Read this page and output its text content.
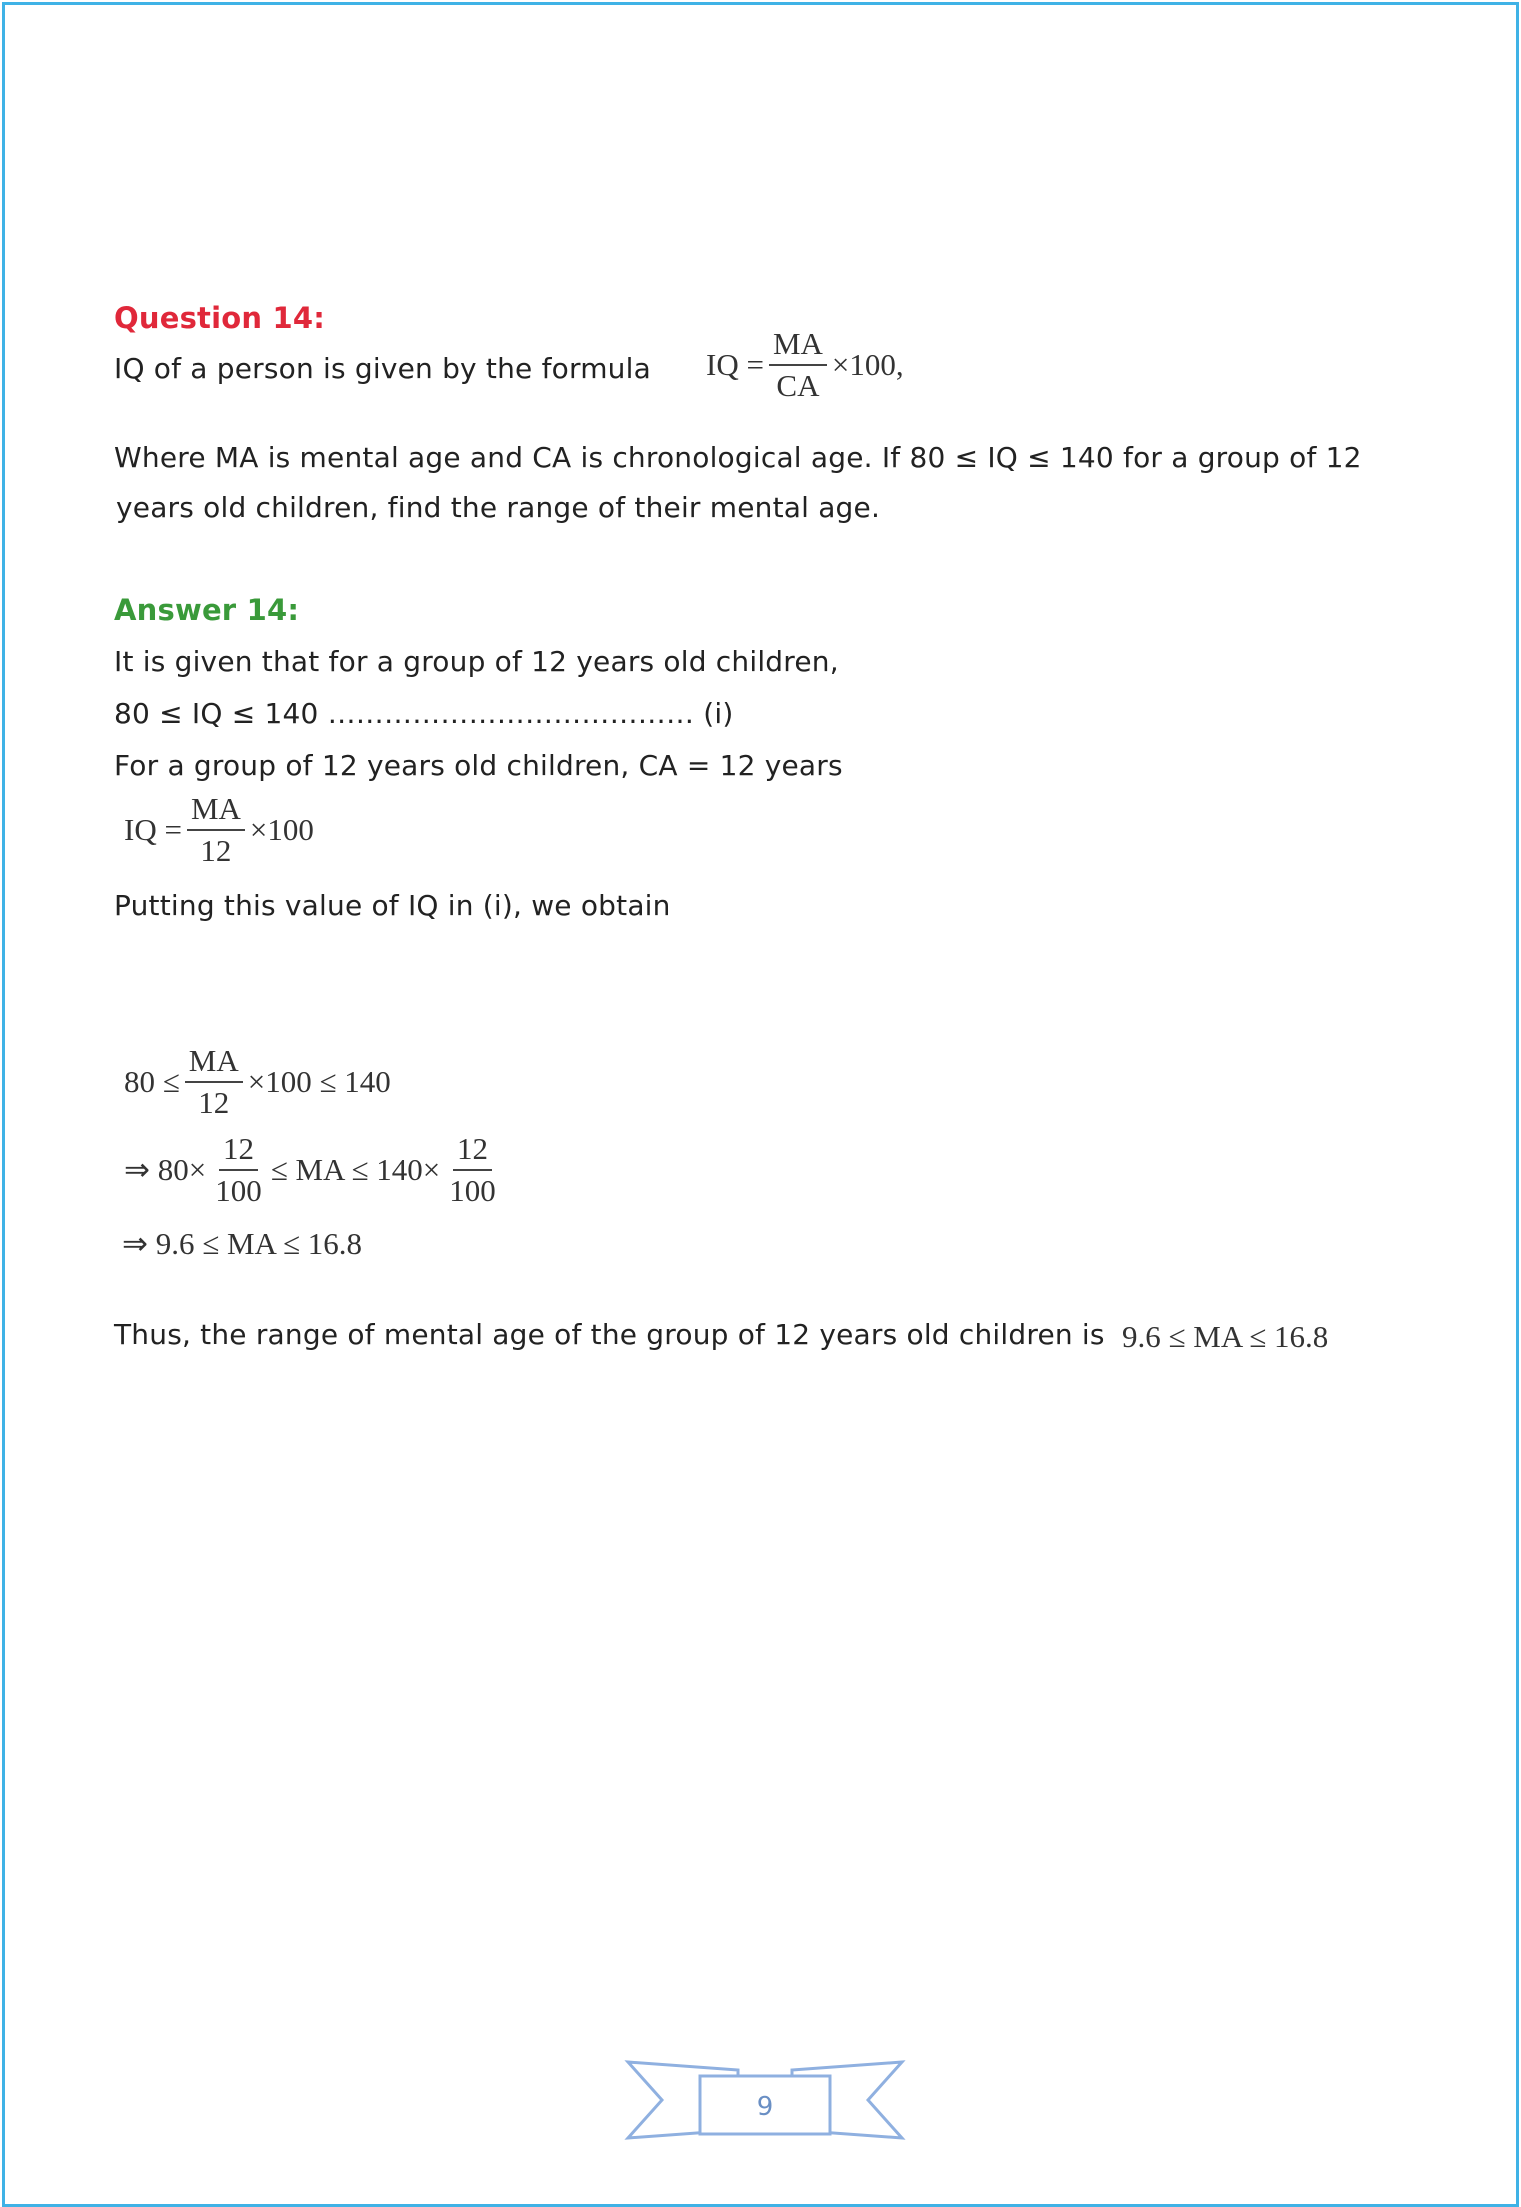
Question 14:
IQ of a person is given by the formula IQ = $\frac{MA}{CA} \times 100$,
Where MA is mental age and CA is chronological age. If 80 ≤ IQ ≤ 140 for a group of 12
years old children, find the range of their mental age.
Answer 14:
It is given that for a group of 12 years old children,
80 ≤ IQ ≤ 140 ………………………………… (i)
For a group of 12 years old children, CA = 12 years
IQ = $\frac{MA}{12} \times 100$
Putting this value of IQ in (i), we obtain
$80 \le \frac{MA}{12} \times 100 \le 140$
⇒ $80\times \frac{12}{100}$ ≤ MA ≤ $140\times \frac{12}{100}$
⇒ 9.6 ≤ MA ≤ 16.8
Thus, the range of mental age of the group of 12 years old children is 9.6 ≤ MA ≤ 16.8
9
